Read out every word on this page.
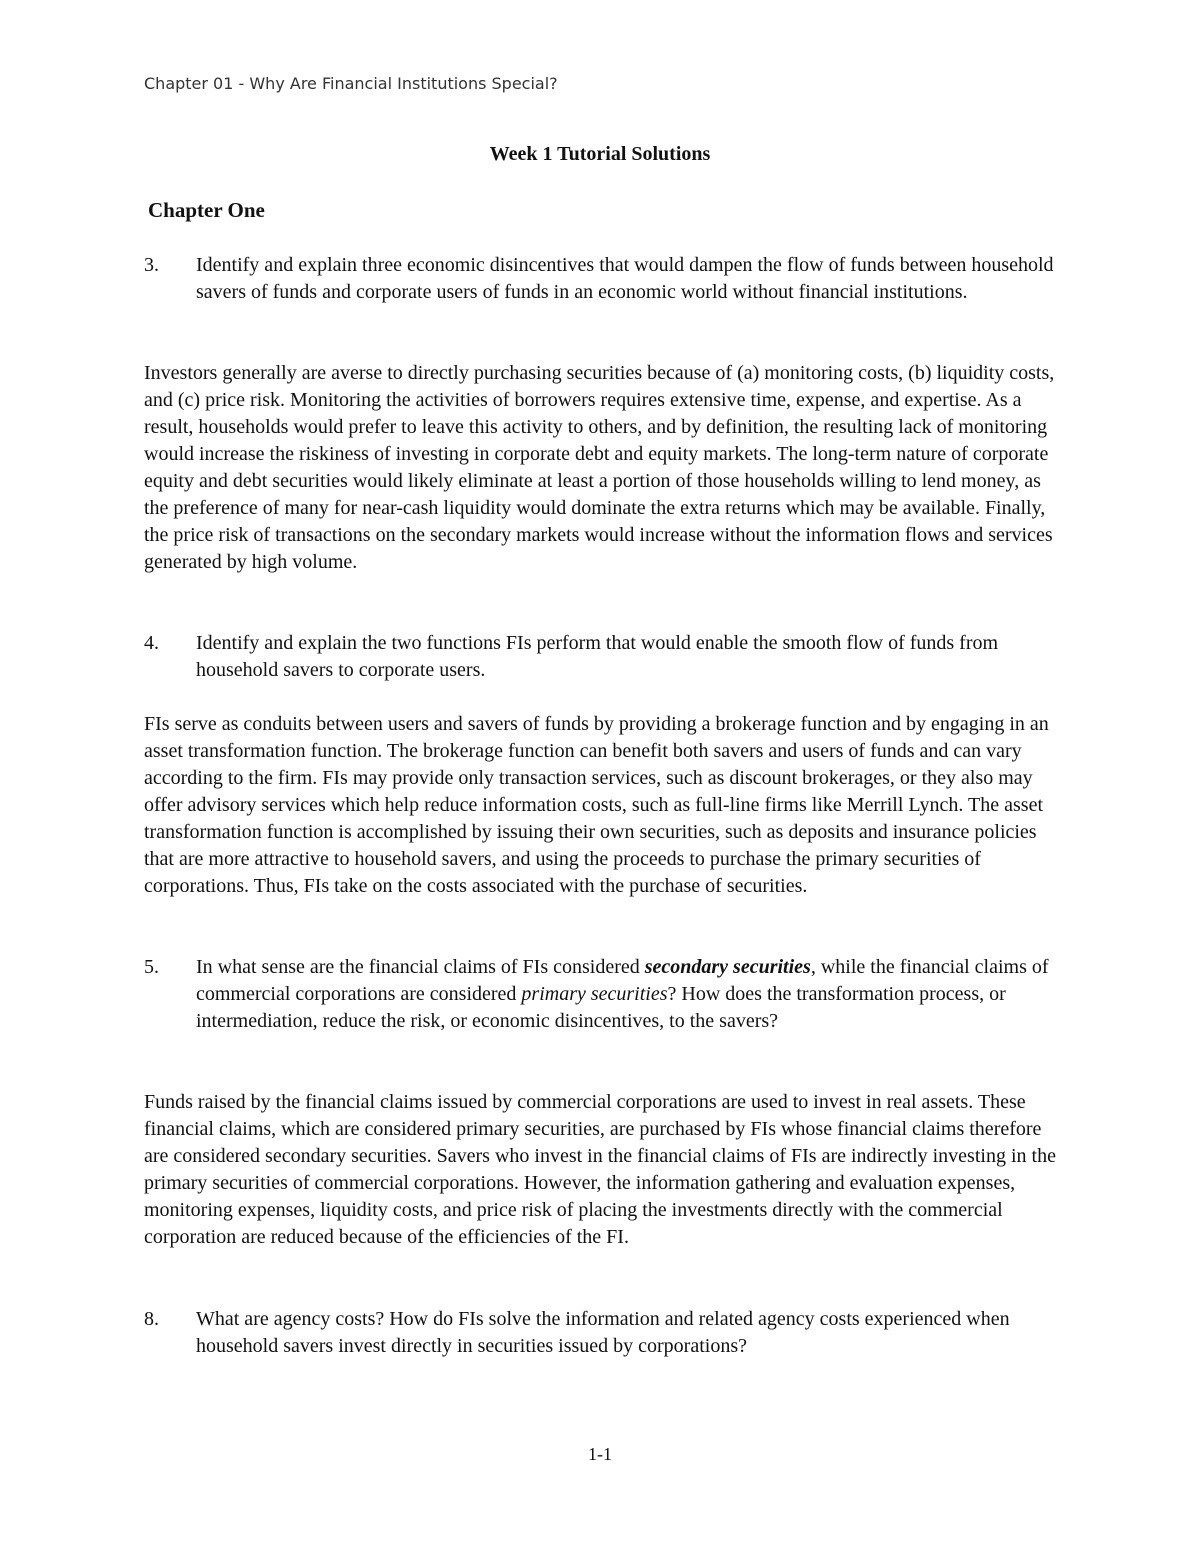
Chapter 01 - Why Are Financial Institutions Special?
Week 1 Tutorial Solutions
Chapter One
3. Identify and explain three economic disincentives that would dampen the flow of funds between household savers of funds and corporate users of funds in an economic world without financial institutions.
Investors generally are averse to directly purchasing securities because of (a) monitoring costs, (b) liquidity costs, and (c) price risk. Monitoring the activities of borrowers requires extensive time, expense, and expertise. As a result, households would prefer to leave this activity to others, and by definition, the resulting lack of monitoring would increase the riskiness of investing in corporate debt and equity markets. The long-term nature of corporate equity and debt securities would likely eliminate at least a portion of those households willing to lend money, as the preference of many for near-cash liquidity would dominate the extra returns which may be available. Finally, the price risk of transactions on the secondary markets would increase without the information flows and services generated by high volume.
4. Identify and explain the two functions FIs perform that would enable the smooth flow of funds from household savers to corporate users.
FIs serve as conduits between users and savers of funds by providing a brokerage function and by engaging in an asset transformation function. The brokerage function can benefit both savers and users of funds and can vary according to the firm. FIs may provide only transaction services, such as discount brokerages, or they also may offer advisory services which help reduce information costs, such as full-line firms like Merrill Lynch. The asset transformation function is accomplished by issuing their own securities, such as deposits and insurance policies that are more attractive to household savers, and using the proceeds to purchase the primary securities of corporations. Thus, FIs take on the costs associated with the purchase of securities.
5. In what sense are the financial claims of FIs considered secondary securities, while the financial claims of commercial corporations are considered primary securities? How does the transformation process, or intermediation, reduce the risk, or economic disincentives, to the savers?
Funds raised by the financial claims issued by commercial corporations are used to invest in real assets. These financial claims, which are considered primary securities, are purchased by FIs whose financial claims therefore are considered secondary securities. Savers who invest in the financial claims of FIs are indirectly investing in the primary securities of commercial corporations. However, the information gathering and evaluation expenses, monitoring expenses, liquidity costs, and price risk of placing the investments directly with the commercial corporation are reduced because of the efficiencies of the FI.
8. What are agency costs? How do FIs solve the information and related agency costs experienced when household savers invest directly in securities issued by corporations?
1-1
